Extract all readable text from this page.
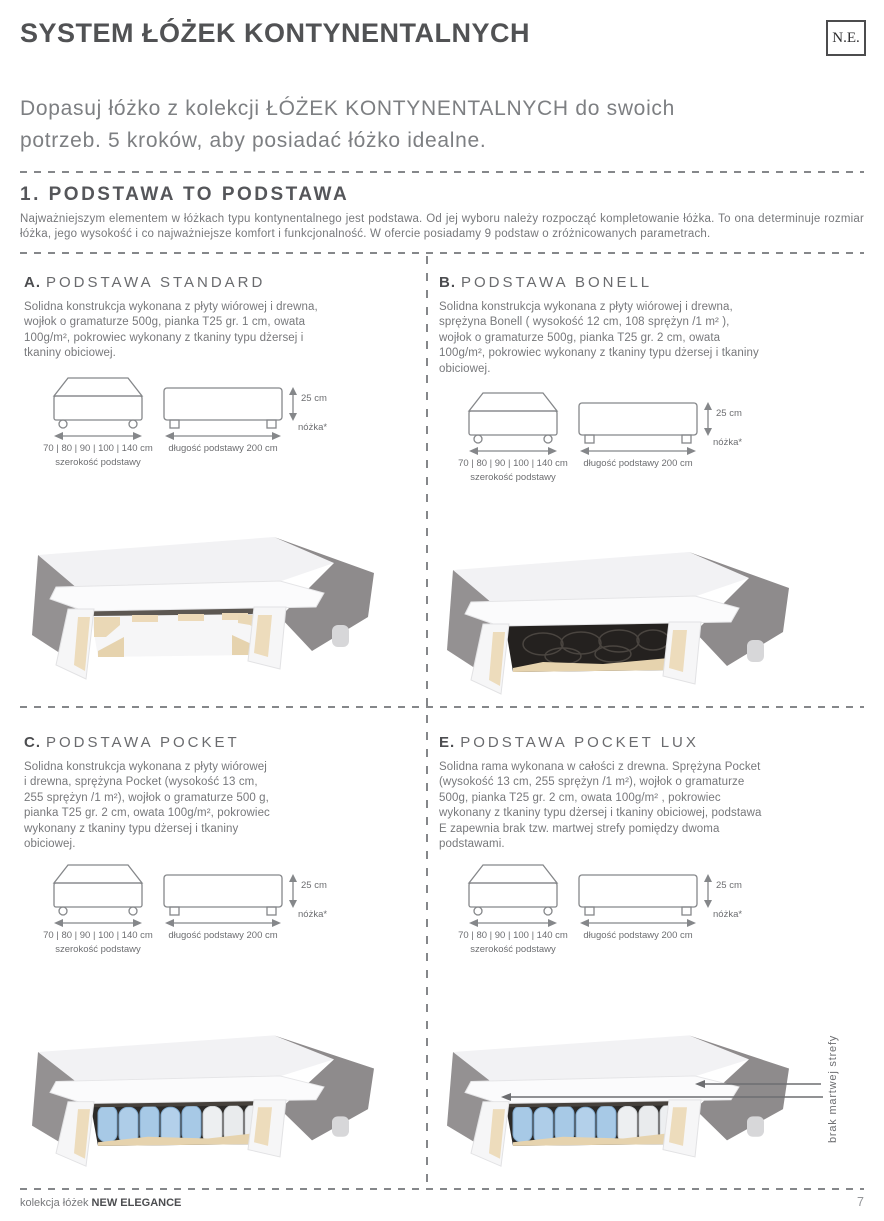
SYSTEM ŁÓŻEK KONTYNENTALNYCH	N.E.

Dopasuj łóżko z kolekcji ŁÓŻEK KONTYNENTALNYCH do swoich potrzeb. 5 kroków, aby posiadać łóżko idealne.

1. PODSTAWA TO PODSTAWA

Najważniejszym elementem w łóżkach typu kontynentalnego jest podstawa. Od jej wyboru należy rozpocząć kompletowanie łóżka. To ona determinuje rozmiar łóżka, jego wysokość i co najważniejsze komfort i funkcjonalność. W ofercie posiadamy 9 podstaw o zróżnicowanych parametrach.

A. PODSTAWA STANDARD

Solidna konstrukcja wykonana z płyty wiórowej i drewna, wojłok o gramaturze 500g, pianka T25 gr. 1 cm, owata 100g/m², pokrowiec wykonany z tkaniny typu dżersej i tkaniny obiciowej.

70 | 80 | 90 | 100 | 140 cm
szerokość podstawy
długość podstawy 200 cm
25 cm
nóżka*
B. PODSTAWA BONELL

Solidna konstrukcja wykonana z płyty wiórowej i drewna, sprężyna Bonell ( wysokość 12 cm, 108 sprężyn /1 m² ), wojłok o gramaturze 500g, pianka T25 gr. 2 cm, owata 100g/m², pokrowiec wykonany z tkaniny typu dżersej i tkaniny obiciowej.

70 | 80 | 90 | 100 | 140 cm
szerokość podstawy
długość podstawy 200 cm
25 cm
nóżka*
C. PODSTAWA POCKET

Solidna konstrukcja wykonana z płyty wiórowej i drewna, sprężyna Pocket (wysokość 13 cm, 255 sprężyn /1 m²), wojłok o gramaturze 500 g, pianka T25 gr. 2 cm, owata 100g/m², pokrowiec wykonany z tkaniny typu dżersej i tkaniny obiciowej.

70 | 80 | 90 | 100 | 140 cm
szerokość podstawy
długość podstawy 200 cm
25 cm
nóżka*
E. PODSTAWA POCKET LUX

Solidna rama wykonana w całości z drewna. Sprężyna Pocket (wysokość 13 cm, 255 sprężyn /1 m²), wojłok o gramaturze 500g, pianka T25 gr. 2 cm, owata 100g/m² , pokrowiec wykonany z tkaniny typu dżersej i tkaniny obiciowej, podstawa E zapewnia brak tzw. martwej strefy pomiędzy dwoma podstawami.

70 | 80 | 90 | 100 | 140 cm
szerokość podstawy
długość podstawy 200 cm
25 cm
nóżka*
brak martwej strefy
kolekcja łóżek NEW ELEGANCE	7
